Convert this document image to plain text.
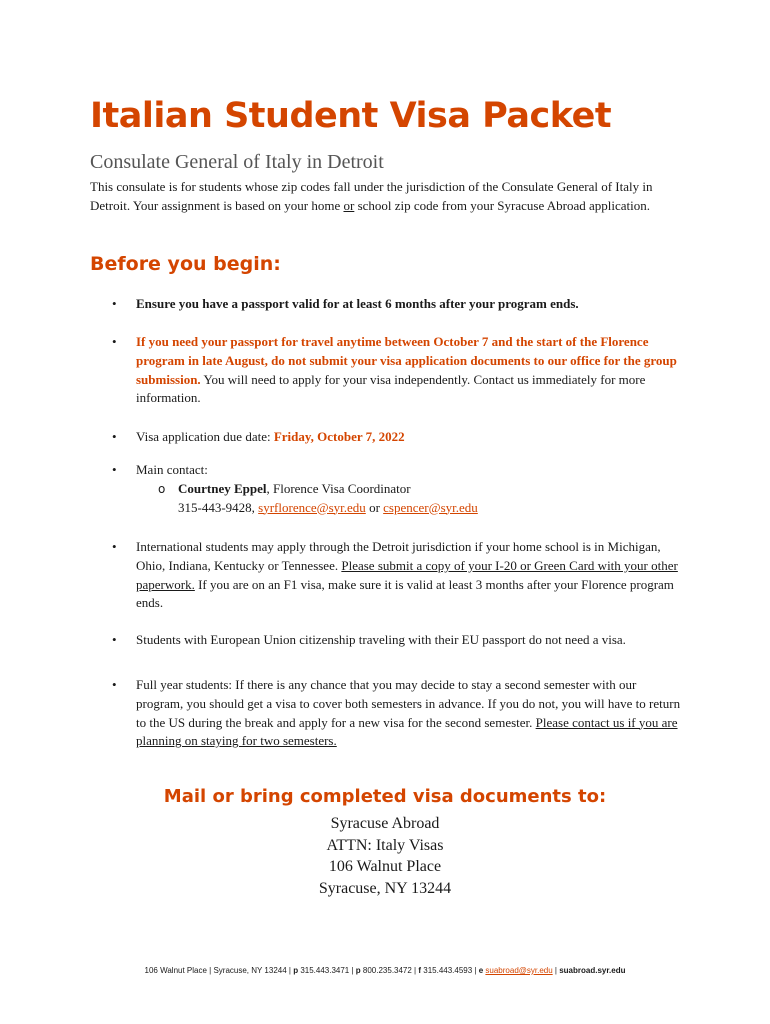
Italian Student Visa Packet
Consulate General of Italy in Detroit
This consulate is for students whose zip codes fall under the jurisdiction of the Consulate General of Italy in Detroit. Your assignment is based on your home or school zip code from your Syracuse Abroad application.
Before you begin:
• Ensure you have a passport valid for at least 6 months after your program ends.
• If you need your passport for travel anytime between October 7 and the start of the Florence program in late August, do not submit your visa application documents to our office for the group submission. You will need to apply for your visa independently. Contact us immediately for more information.
• Visa application due date: Friday, October 7, 2022
• Main contact:

o Courtney Eppel, Florence Visa Coordinator
315-443-9428, syrflorence@syr.edu or cspencer@syr.edu
• International students may apply through the Detroit jurisdiction if your home school is in Michigan, Ohio, Indiana, Kentucky or Tennessee. Please submit a copy of your I-20 or Green Card with your other paperwork. If you are on an F1 visa, make sure it is valid at least 3 months after your Florence program ends.
• Students with European Union citizenship traveling with their EU passport do not need a visa.
• Full year students: If there is any chance that you may decide to stay a second semester with our program, you should get a visa to cover both semesters in advance. If you do not, you will have to return to the US during the break and apply for a new visa for the second semester. Please contact us if you are planning on staying for two semesters.
Mail or bring completed visa documents to:
Syracuse Abroad
ATTN: Italy Visas
106 Walnut Place
Syracuse, NY 13244
106 Walnut Place | Syracuse, NY 13244 | p 315.443.3471 | p 800.235.3472 | f 315.443.4593 | e suabroad@syr.edu | suabroad.syr.edu
